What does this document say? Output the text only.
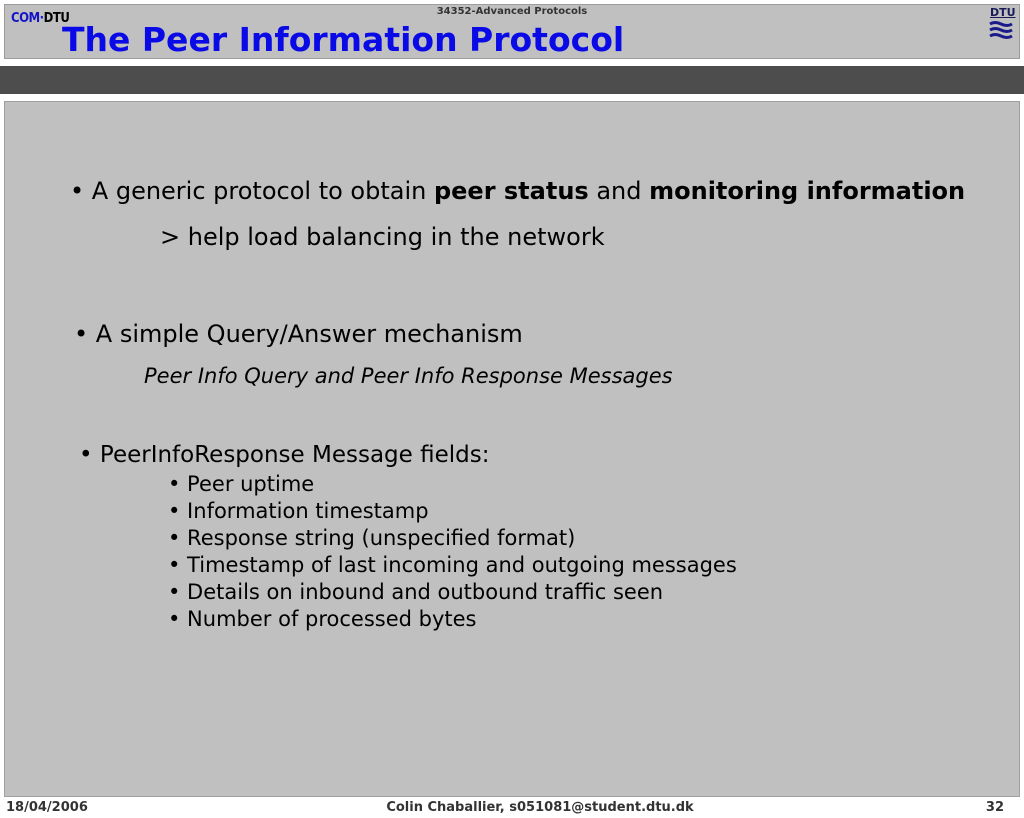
COM·DTU	34352-Advanced Protocols
The Peer Information Protocol
DTU
• A generic protocol to obtain peer status and monitoring information
> help load balancing in the network
• A simple Query/Answer mechanism
Peer Info Query and Peer Info Response Messages
• PeerInfoResponse Message fields:
• Peer uptime
• Information timestamp
• Response string (unspecified format)
• Timestamp of last incoming and outgoing messages
• Details on inbound and outbound traffic seen
• Number of processed bytes
18/04/2006	Colin Chaballier, s051081@student.dtu.dk	32
